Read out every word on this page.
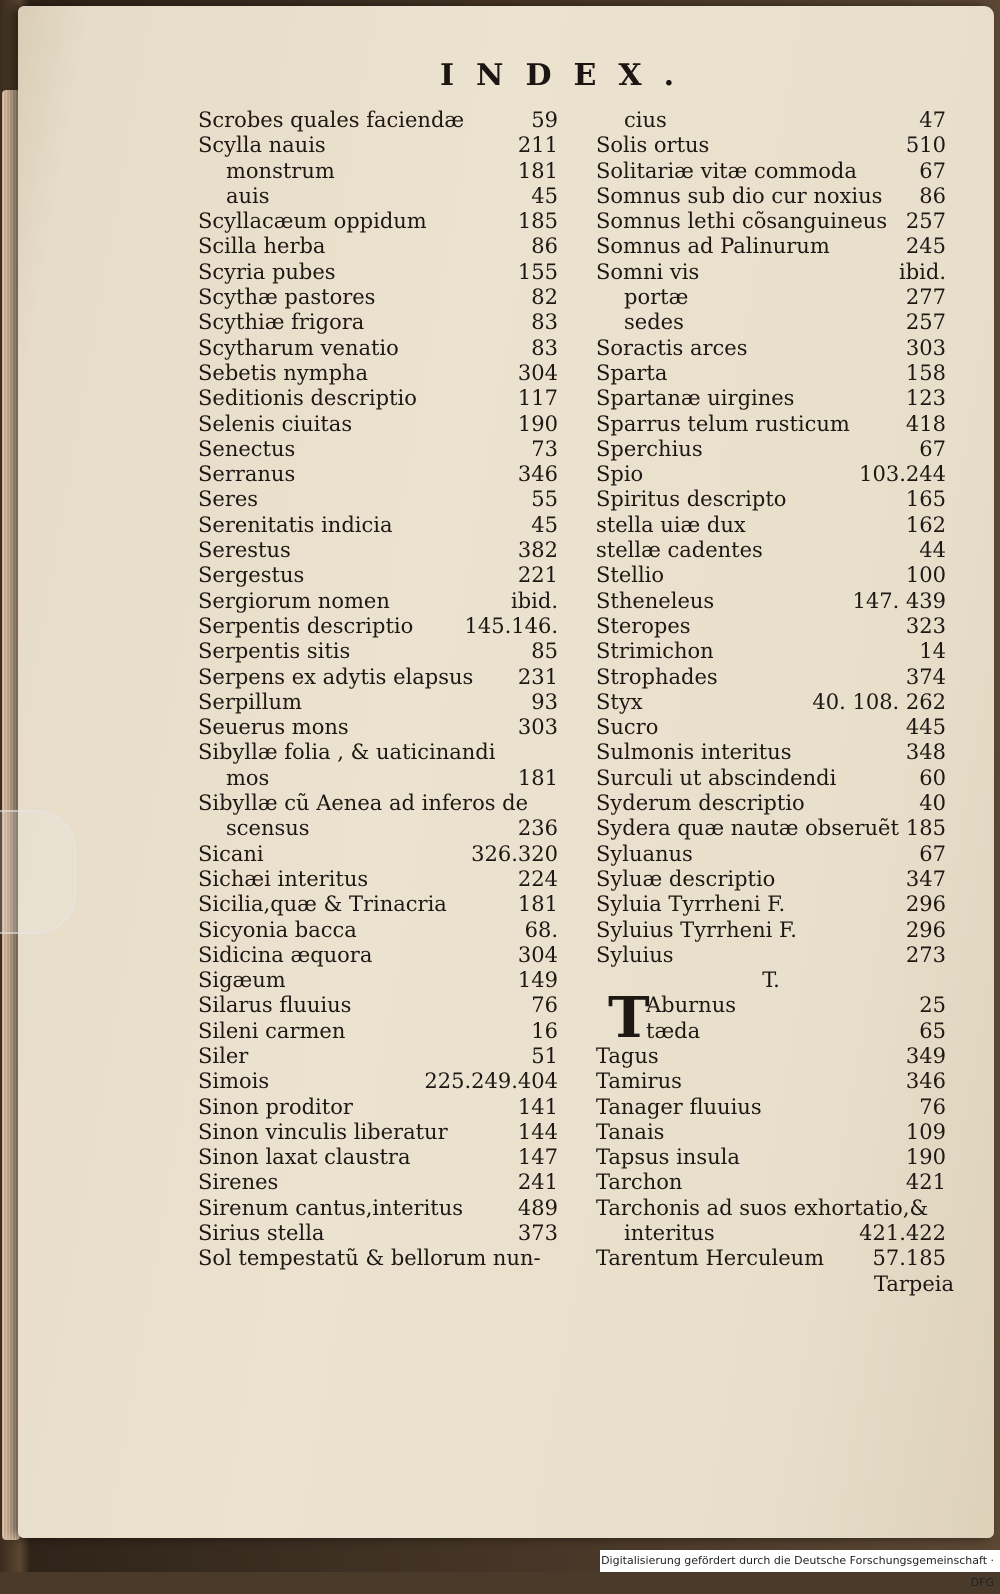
INDEX.
Scrobes quales faciendæ	59
Scylla nauis	211
monstrum	181
auis	45
Scyllacæum oppidum	185
Scilla herba	86
Scyria pubes	155
Scythæ pastores	82
Scythiæ frigora	83
Scytharum venatio	83
Sebetis nympha	304
Seditionis descriptio	117
Selenis ciuitas	190
Senectus	73
Serranus	346
Seres	55
Serenitatis indicia	45
Serestus	382
Sergestus	221
Sergiorum nomen	ibid.
Serpentis descriptio 145.146.
Serpentis sitis	85
Serpens ex adytis elapsus 231
Serpillum	93
Seuerus mons	303
Sibyllæ folia , & uaticinandi
mos	181
Sibyllæ cũ Aenea ad inferos de
scensus	236
Sicani	326.320
Sichæi interitus	224
Sicilia,quæ & Trinacria	181
Sicyonia bacca	68.
Sidicina æquora	304
Sigæum	149
Silarus fluuius	76
Sileni carmen	16
Siler	51
Simois	225.249.404
Sinon proditor	141
Sinon vinculis liberatur	144
Sinon laxat claustra	147
Sirenes	241
Sirenum cantus,interitus	489
Sirius stella	373
Sol tempestatũ & bellorum nun-
cius	47
Solis ortus	510
Solitariæ vitæ commoda	67
Somnus sub dio cur noxius 86
Somnus lethi cõsanguineus 257
Somnus ad Palinurum	245
Somni vis	ibid.
portæ	277
sedes	257
Soractis arces	303
Sparta	158
Spartanæ uirgines	123
Sparrus telum rusticum	418
Sperchius	67
Spio	103.244
Spiritus descripto	165
stella uiæ dux	162
stellæ cadentes	44
Stellio	100
Stheneleus	147. 439
Steropes	323
Strimichon	14
Strophades	374
Styx	40. 108. 262
Sucro	445
Sulmonis interitus	348
Surculi ut abscindendi	60
Syderum descriptio	40
Sydera quæ nautæ obseruẽt 185
Syluanus	67
Syluæ descriptio	347
Syluia Tyrrheni F.	296
Syluius Tyrrheni F.	296
Syluius	273
T.
Aburnus	25
tæda	65
Tagus	349
Tamirus	346
Tanager fluuius	76
Tanais	109
Tapsus insula	190
Tarchon	421
Tarchonis ad suos exhortatio,&
interitus	421.422
Tarentum Herculeum 57.185
T
Tarpeia
Digitalisierung gefördert durch die Deutsche Forschungsgemeinschaft · DFG
